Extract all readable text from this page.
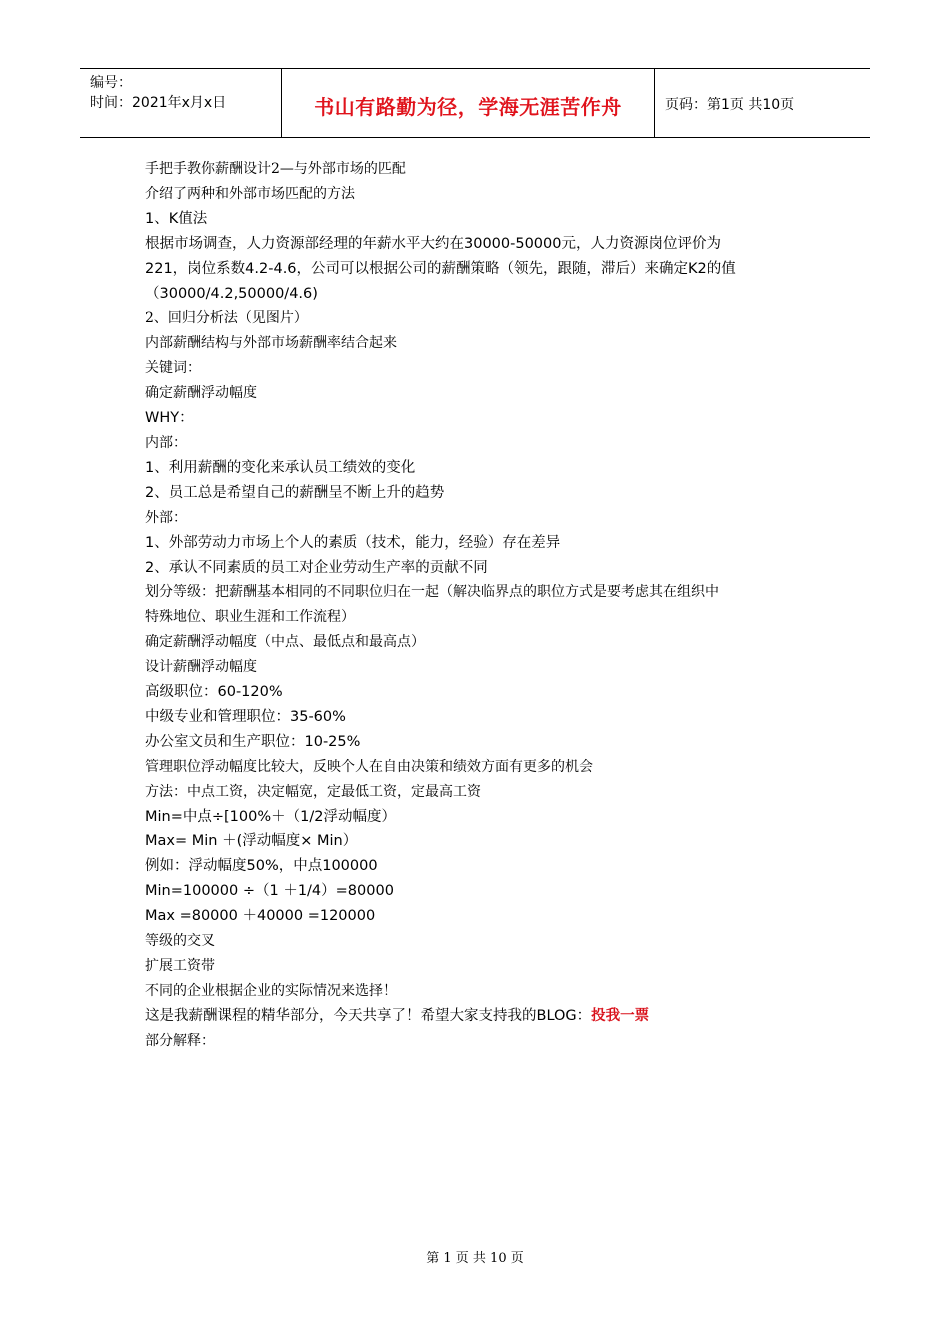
编号：
时间：2021年x月x日	书山有路勤为径，学海无涯苦作舟	页码：第1页 共10页
手把手教你薪酬设计2—与外部市场的匹配
介绍了两种和外部市场匹配的方法
1、K值法
根据市场调查，人力资源部经理的年薪水平大约在30000-50000元，人力资源岗位评价为
221，岗位系数4.2-4.6，公司可以根据公司的薪酬策略（领先，跟随，滞后）来确定K2的值
（30000/4.2,50000/4.6)
2、回归分析法（见图片）
内部薪酬结构与外部市场薪酬率结合起来
关键词：
确定薪酬浮动幅度
WHY：
内部：
1、利用薪酬的变化来承认员工绩效的变化
2、员工总是希望自己的薪酬呈不断上升的趋势
外部：
1、外部劳动力市场上个人的素质（技术，能力，经验）存在差异
2、承认不同素质的员工对企业劳动生产率的贡献不同
划分等级：把薪酬基本相同的不同职位归在一起（解决临界点的职位方式是要考虑其在组织中
特殊地位、职业生涯和工作流程）
确定薪酬浮动幅度（中点、最低点和最高点）
设计薪酬浮动幅度
高级职位：60-120%
中级专业和管理职位：35-60%
办公室文员和生产职位：10-25%
管理职位浮动幅度比较大，反映个人在自由决策和绩效方面有更多的机会
方法：中点工资，决定幅宽，定最低工资，定最高工资
Min=中点÷[100%＋（1/2浮动幅度）
Max= Min ＋(浮动幅度× Min）
例如：浮动幅度50%，中点100000
Min=100000 ÷（1 ＋1/4）=80000
Max =80000 ＋40000 =120000
等级的交叉
扩展工资带
不同的企业根据企业的实际情况来选择！
这是我薪酬课程的精华部分，今天共享了！希望大家支持我的BLOG：投我一票
部分解释：
第 1 页 共 10 页
